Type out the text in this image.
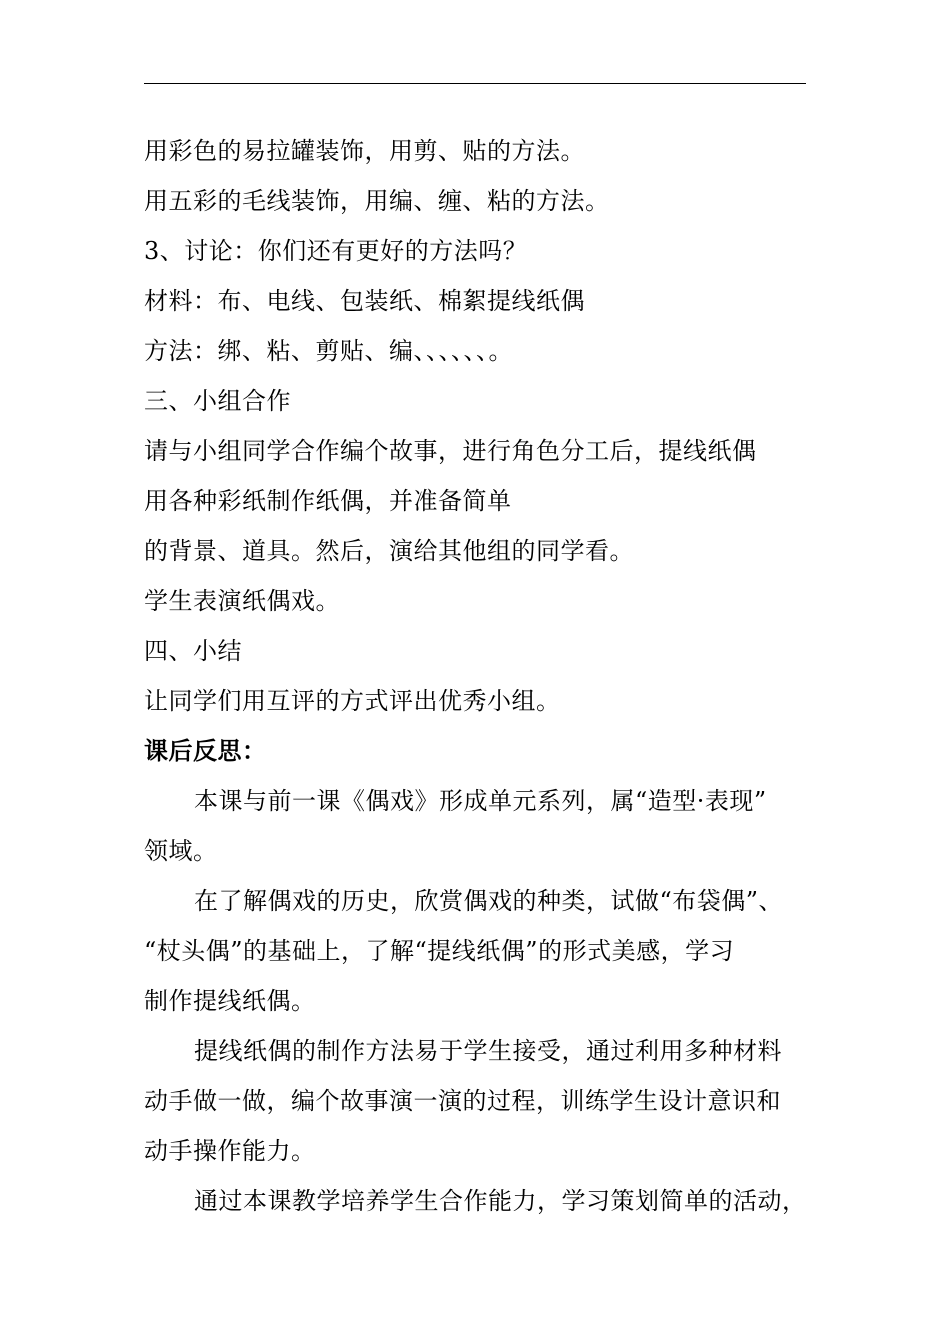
用彩色的易拉罐装饰，用剪、贴的方法。
用五彩的毛线装饰，用编、缠、粘的方法。
3、讨论：你们还有更好的方法吗？
材料：布、电线、包装纸、棉絮提线纸偶
方法：绑、粘、剪贴、编、、、、、、。
三、小组合作
请与小组同学合作编个故事，进行角色分工后，提线纸偶
用各种彩纸制作纸偶，并准备简单
的背景、道具。然后，演给其他组的同学看。
学生表演纸偶戏。
四、小结
让同学们用互评的方式评出优秀小组。
课后反思：
本课与前一课《偶戏》形成单元系列，属“造型·表现”
领域。
在了解偶戏的历史，欣赏偶戏的种类，试做“布袋偶”、
“杖头偶”的基础上，了解“提线纸偶”的形式美感，学习
制作提线纸偶。
提线纸偶的制作方法易于学生接受，通过利用多种材料
动手做一做，编个故事演一演的过程，训练学生设计意识和
动手操作能力。
通过本课教学培养学生合作能力，学习策划简单的活动，
